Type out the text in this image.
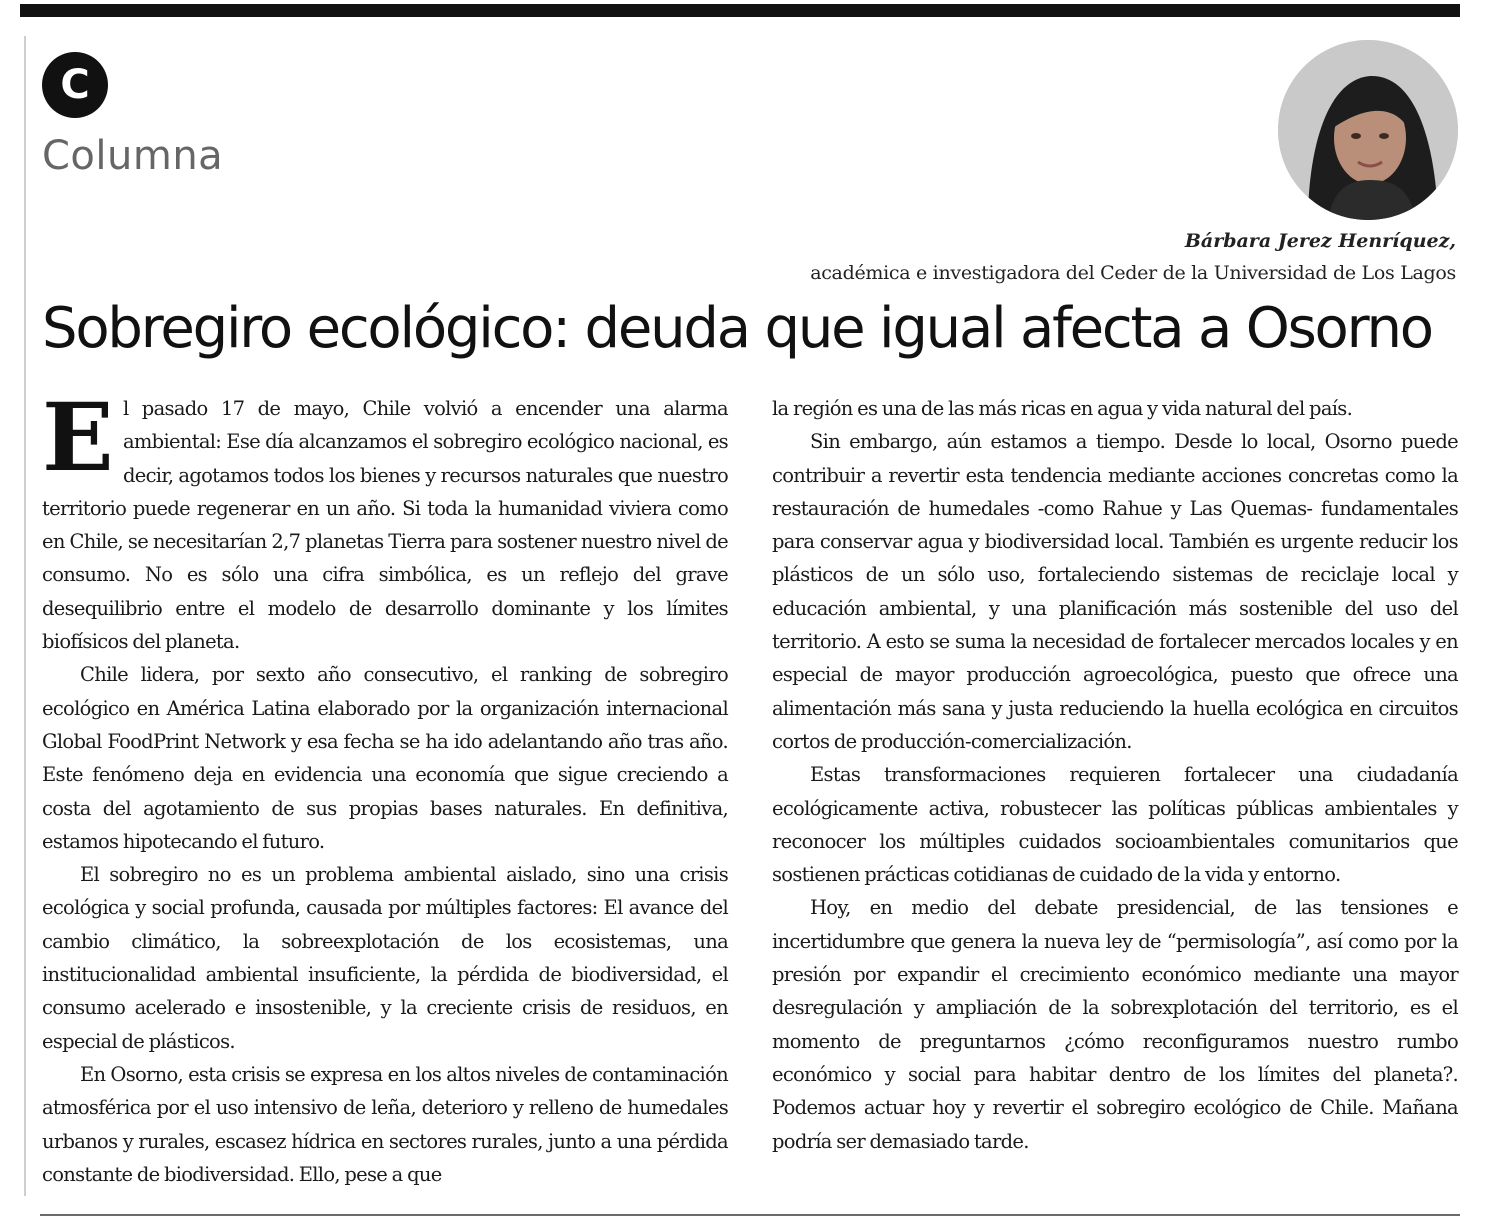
C
Columna
Bárbara Jerez Henríquez,
académica e investigadora del Ceder de la Universidad de Los Lagos
Sobregiro ecológico: deuda que igual afecta a Osorno

El pasado 17 de mayo, Chile volvió a encender una alarma ambiental: Ese día alcanzamos el sobregiro ecológico nacional, es decir, agotamos todos los bienes y recursos naturales que nuestro territorio puede regenerar en un año. Si toda la humanidad viviera como en Chile, se necesitarían 2,7 planetas Tierra para sostener nuestro nivel de consumo. No es sólo una cifra simbólica, es un reflejo del grave desequilibrio entre el modelo de desarrollo dominante y los límites biofísicos del planeta.

Chile lidera, por sexto año consecutivo, el ranking de sobregiro ecológico en América Latina elaborado por la organización internacional Global FoodPrint Network y esa fecha se ha ido adelantando año tras año. Este fenómeno deja en evidencia una economía que sigue creciendo a costa del agotamiento de sus propias bases naturales. En definitiva, estamos hipotecando el futuro.

El sobregiro no es un problema ambiental aislado, sino una crisis ecológica y social profunda, causada por múltiples factores: El avance del cambio climático, la sobreexplotación de los ecosistemas, una institucionalidad ambiental insuficiente, la pérdida de biodiversidad, el consumo acelerado e insostenible, y la creciente crisis de residuos, en especial de plásticos.

En Osorno, esta crisis se expresa en los altos niveles de contaminación atmosférica por el uso intensivo de leña, deterioro y relleno de humedales urbanos y rurales, escasez hídrica en sectores rurales, junto a una pérdida constante de biodiversidad. Ello, pese a que

la región es una de las más ricas en agua y vida natural del país.

Sin embargo, aún estamos a tiempo. Desde lo local, Osorno puede contribuir a revertir esta tendencia mediante acciones concretas como la restauración de humedales -como Rahue y Las Quemas- fundamentales para conservar agua y biodiversidad local. También es urgente reducir los plásticos de un sólo uso, fortaleciendo sistemas de reciclaje local y educación ambiental, y una planificación más sostenible del uso del territorio. A esto se suma la necesidad de fortalecer mercados locales y en especial de mayor producción agroecológica, puesto que ofrece una alimentación más sana y justa reduciendo la huella ecológica en circuitos cortos de producción-comercialización.

Estas transformaciones requieren fortalecer una ciudadanía ecológicamente activa, robustecer las políticas públicas ambientales y reconocer los múltiples cuidados socioambientales comunitarios que sostienen prácticas cotidianas de cuidado de la vida y entorno.

Hoy, en medio del debate presidencial, de las tensiones e incertidumbre que genera la nueva ley de “permisología”, así como por la presión por expandir el crecimiento económico mediante una mayor desregulación y ampliación de la sobrexplotación del territorio, es el momento de preguntarnos ¿cómo reconfiguramos nuestro rumbo económico y social para habitar dentro de los límites del planeta?. Podemos actuar hoy y revertir el sobregiro ecológico de Chile. Mañana podría ser demasiado tarde.
